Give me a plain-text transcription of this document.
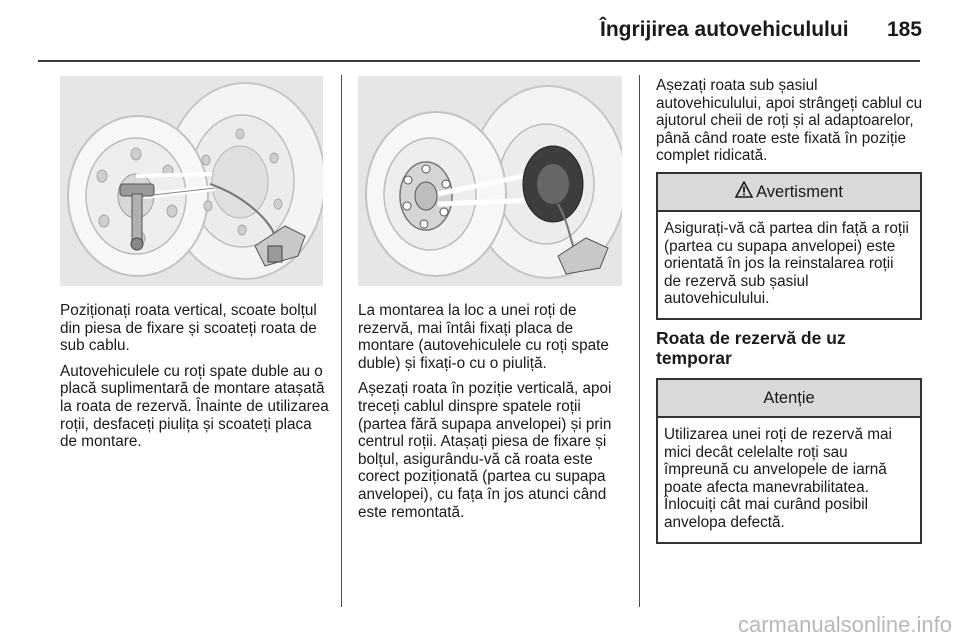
Îngrijirea autovehiculului	185

Poziționați roata vertical, scoate bolțul din piesa de fixare și scoateți roata de sub cablu.

Autovehiculele cu roți spate duble au o placă suplimentară de montare atașată la roata de rezervă. Înainte de utilizarea roții, desfaceți piulița și scoateți placa de montare.

La montarea la loc a unei roți de rezervă, mai întâi fixați placa de montare (autovehiculele cu roți spate duble) și fixați-o cu o piuliță.

Așezați roata în poziție verticală, apoi treceți cablul dinspre spatele roții (partea fără supapa anvelopei) și prin centrul roții. Atașați piesa de fixare și bolțul, asigurându-vă că roata este corect poziționată (partea cu supapa anvelopei), cu fața în jos atunci când este remontată.

Așezați roata sub șasiul autovehiculului, apoi strângeți cablul cu ajutorul cheii de roți și al adaptoarelor, până când roate este fixată în poziție complet ridicată.

Avertisment
Asigurați-vă că partea din față a roții (partea cu supapa anvelopei) este orientată în jos la reinstalarea roții de rezervă sub șasiul autovehiculului.
Roata de rezervă de uz temporar
Atenție
Utilizarea unei roți de rezervă mai mici decât celelalte roți sau împreună cu anvelopele de iarnă poate afecta manevrabilitatea. Înlocuiți cât mai curând posibil anvelopa defectă.
carmanualsonline.info
